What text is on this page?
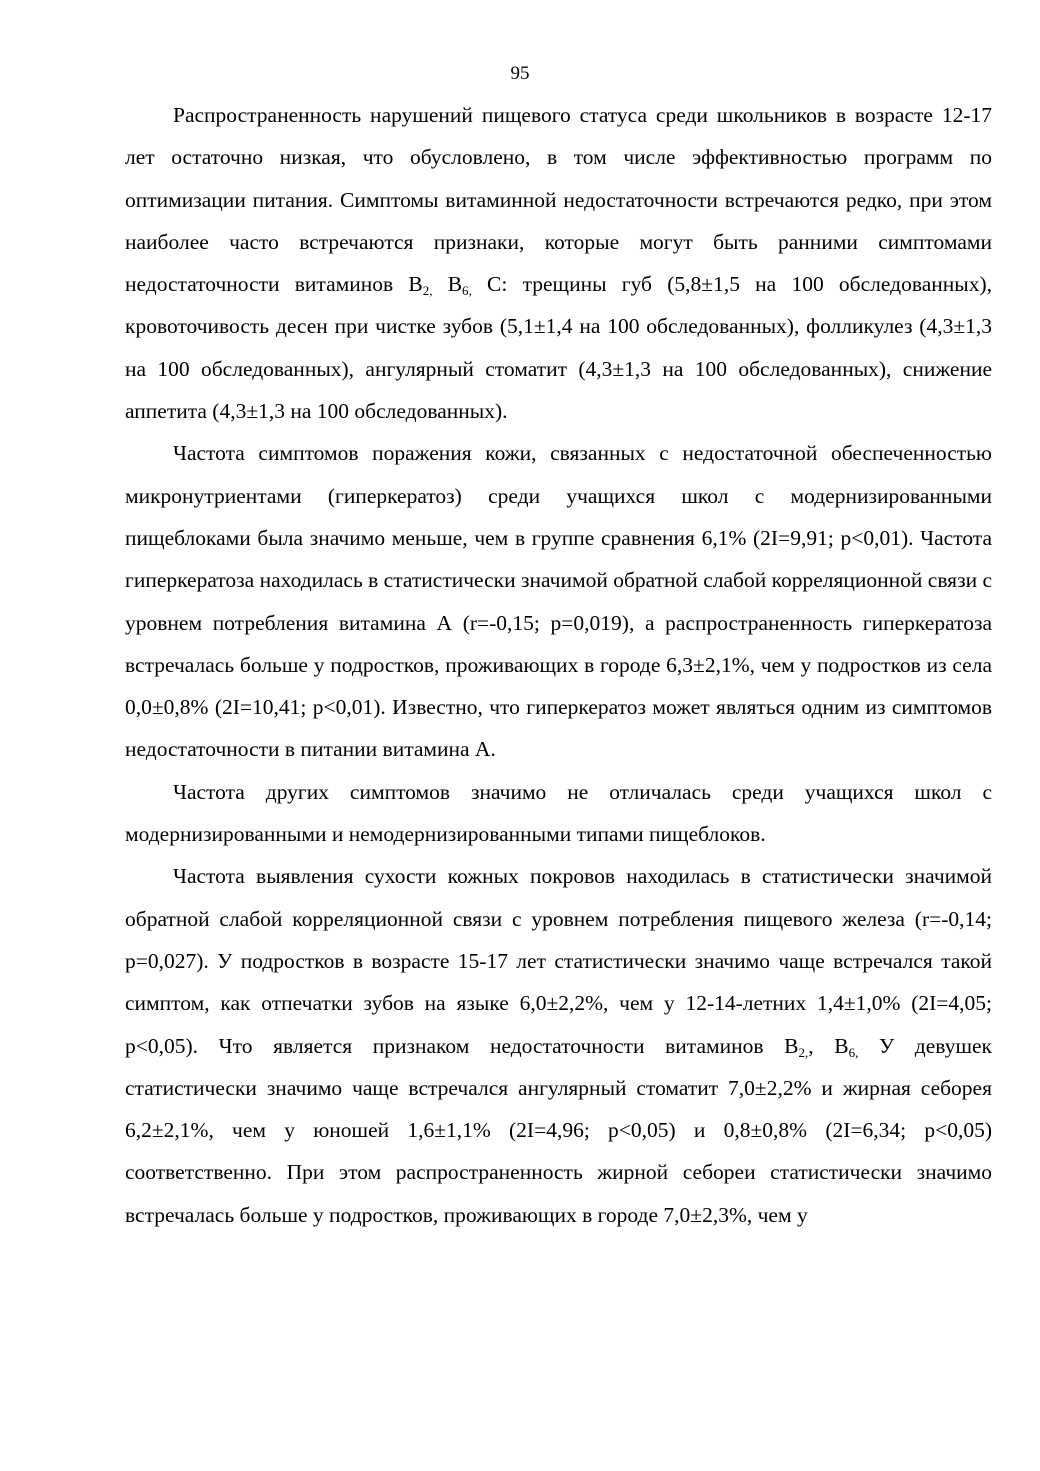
95

Распространенность нарушений пищевого статуса среди школьников в возрасте 12-17 лет остаточно низкая, что обусловлено, в том числе эффективностью программ по оптимизации питания. Симптомы витаминной недостаточности встречаются редко, при этом наиболее часто встречаются признаки, которые могут быть ранними симптомами недостаточности витаминов $В_{2,}$ $В_{6,}$ С: трещины губ (5,8±1,5 на 100 обследованных), кровоточивость десен при чистке зубов (5,1±1,4 на 100 обследованных), фолликулез (4,3±1,3 на 100 обследованных), ангулярный стоматит (4,3±1,3 на 100 обследованных), снижение аппетита (4,3±1,3 на 100 обследованных).

Частота симптомов поражения кожи, связанных с недостаточной обеспеченностью микронутриентами (гиперкератоз) среди учащихся школ с модернизированными пищеблоками была значимо меньше, чем в группе сравнения 6,1% (2I=9,91; p<0,01). Частота гиперкератоза находилась в статистически значимой обратной слабой корреляционной связи с уровнем потребления витамина А (r=-0,15; p=0,019), а распространенность гиперкератоза встречалась больше у подростков, проживающих в городе 6,3±2,1%, чем у подростков из села 0,0±0,8% (2I=10,41; p<0,01). Известно, что гиперкератоз может являться одним из симптомов недостаточности в питании витамина А.

Частота других симптомов значимо не отличалась среди учащихся школ с модернизированными и немодернизированными типами пищеблоков.

Частота выявления сухости кожных покровов находилась в статистически значимой обратной слабой корреляционной связи с уровнем потребления пищевого железа (r=-0,14; p=0,027). У подростков в возрасте 15-17 лет статистически значимо чаще встречался такой симптом, как отпечатки зубов на языке 6,0±2,2%, чем у 12-14-летних 1,4±1,0% (2I=4,05; p<0,05). Что является признаком недостаточности витаминов $В_{2,}$, $В_{6,}$ У девушек статистически значимо чаще встречался ангулярный стоматит 7,0±2,2% и жирная себорея 6,2±2,1%, чем у юношей 1,6±1,1% (2I=4,96; p<0,05) и 0,8±0,8% (2I=6,34; p<0,05) соответственно. При этом распространенность жирной себореи статистически значимо встречалась больше у подростков, проживающих в городе 7,0±2,3%, чем у
